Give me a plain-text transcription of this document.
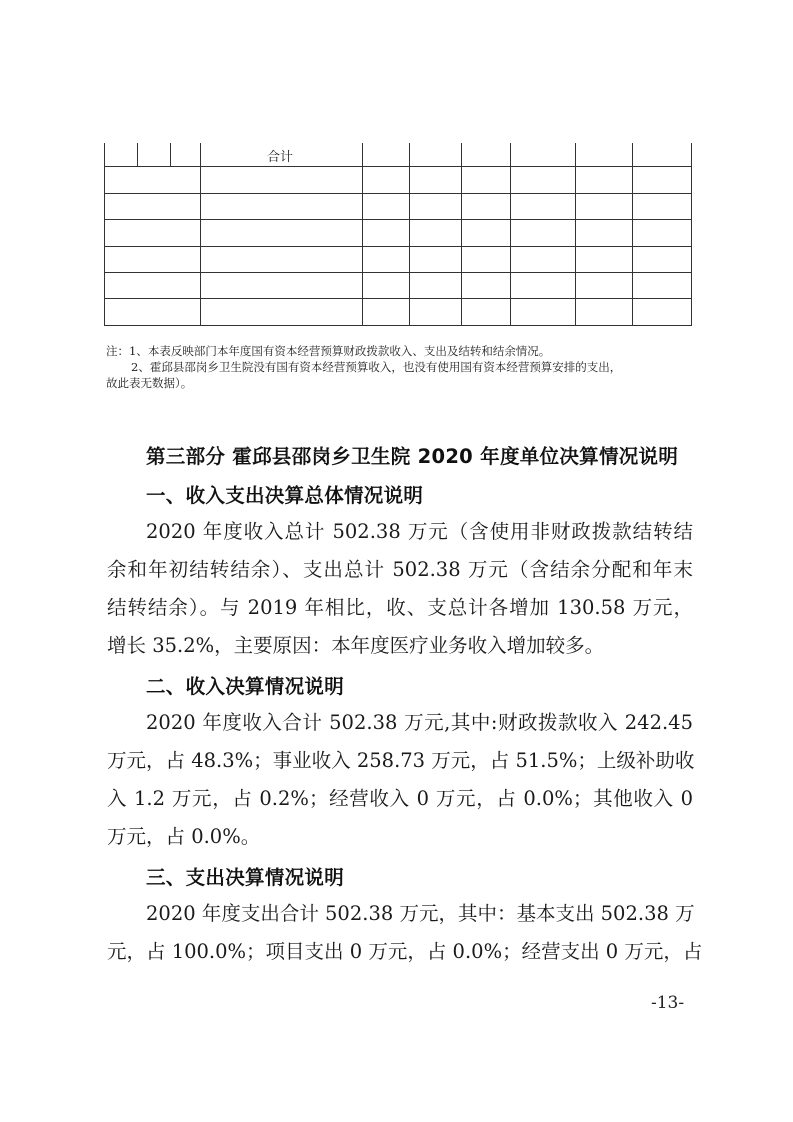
合计
注：1、本表反映部门本年度国有资本经营预算财政拨款收入、支出及结转和结余情况。
2、霍邱县邵岗乡卫生院没有国有资本经营预算收入，也没有使用国有资本经营预算安排的支出，
故此表无数据）。
第三部分 霍邱县邵岗乡卫生院 2020 年度单位决算情况说明
一、收入支出决算总体情况说明
2020 年度收入总计 502.38 万元（含使用非财政拨款结转结
余和年初结转结余）、支出总计 502.38 万元（含结余分配和年末
结转结余）。与 2019 年相比，收、支总计各增加 130.58 万元，
增长 35.2%，主要原因：本年度医疗业务收入增加较多。
二、收入决算情况说明
2020 年度收入合计 502.38 万元,其中:财政拨款收入 242.45
万元，占 48.3%；事业收入 258.73 万元，占 51.5%；上级补助收
入 1.2 万元，占 0.2%；经营收入 0 万元，占 0.0%；其他收入 0
万元，占 0.0%。
三、支出决算情况说明
2020 年度支出合计 502.38 万元，其中：基本支出 502.38 万
元，占 100.0%；项目支出 0 万元，占 0.0%；经营支出 0 万元，占
-13-
